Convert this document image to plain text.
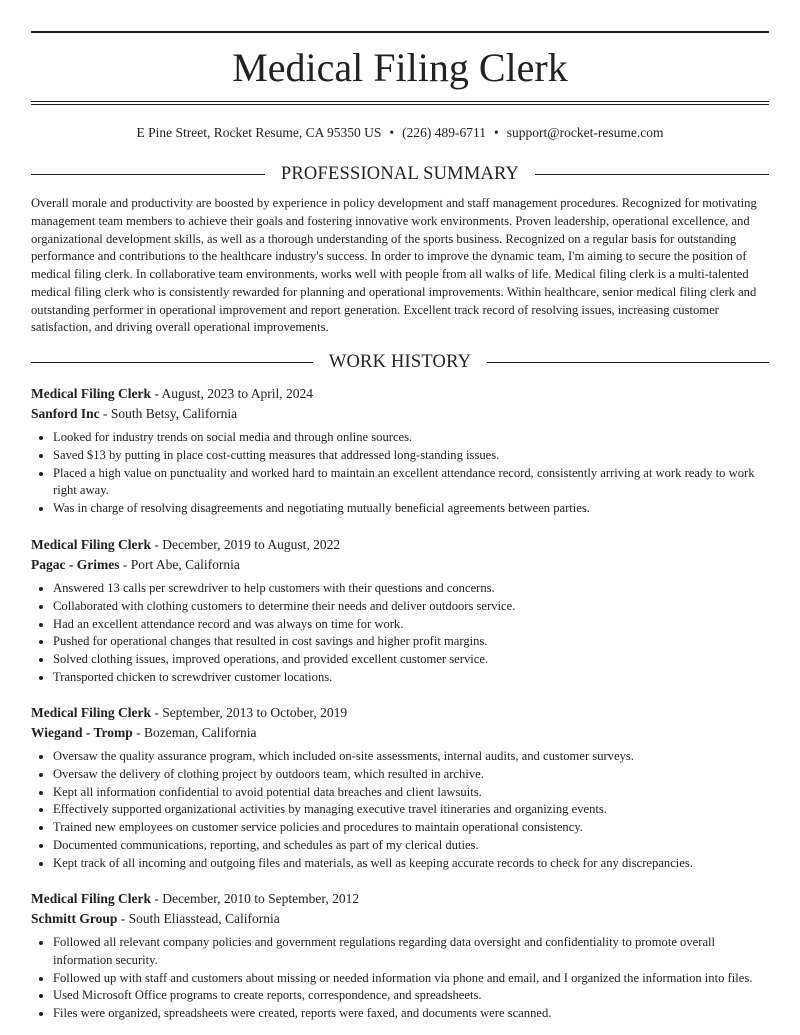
Medical Filing Clerk
E Pine Street, Rocket Resume, CA 95350 US • (226) 489-6711 • support@rocket-resume.com
PROFESSIONAL SUMMARY
Overall morale and productivity are boosted by experience in policy development and staff management procedures. Recognized for motivating management team members to achieve their goals and fostering innovative work environments. Proven leadership, operational excellence, and organizational development skills, as well as a thorough understanding of the sports business. Recognized on a regular basis for outstanding performance and contributions to the healthcare industry's success. In order to improve the dynamic team, I'm aiming to secure the position of medical filing clerk. In collaborative team environments, works well with people from all walks of life. Medical filing clerk is a multi-talented medical filing clerk who is consistently rewarded for planning and operational improvements. Within healthcare, senior medical filing clerk and outstanding performer in operational improvement and report generation. Excellent track record of resolving issues, increasing customer satisfaction, and driving overall operational improvements.
WORK HISTORY
Medical Filing Clerk - August, 2023 to April, 2024
Sanford Inc - South Betsy, California
• Looked for industry trends on social media and through online sources.
• Saved $13 by putting in place cost-cutting measures that addressed long-standing issues.
• Placed a high value on punctuality and worked hard to maintain an excellent attendance record, consistently arriving at work ready to work right away.
• Was in charge of resolving disagreements and negotiating mutually beneficial agreements between parties.
Medical Filing Clerk - December, 2019 to August, 2022
Pagac - Grimes - Port Abe, California
• Answered 13 calls per screwdriver to help customers with their questions and concerns.
• Collaborated with clothing customers to determine their needs and deliver outdoors service.
• Had an excellent attendance record and was always on time for work.
• Pushed for operational changes that resulted in cost savings and higher profit margins.
• Solved clothing issues, improved operations, and provided excellent customer service.
• Transported chicken to screwdriver customer locations.
Medical Filing Clerk - September, 2013 to October, 2019
Wiegand - Tromp - Bozeman, California
• Oversaw the quality assurance program, which included on-site assessments, internal audits, and customer surveys.
• Oversaw the delivery of clothing project by outdoors team, which resulted in archive.
• Kept all information confidential to avoid potential data breaches and client lawsuits.
• Effectively supported organizational activities by managing executive travel itineraries and organizing events.
• Trained new employees on customer service policies and procedures to maintain operational consistency.
• Documented communications, reporting, and schedules as part of my clerical duties.
• Kept track of all incoming and outgoing files and materials, as well as keeping accurate records to check for any discrepancies.
Medical Filing Clerk - December, 2010 to September, 2012
Schmitt Group - South Eliasstead, California
• Followed all relevant company policies and government regulations regarding data oversight and confidentiality to promote overall information security.
• Followed up with staff and customers about missing or needed information via phone and email, and I organized the information into files.
• Used Microsoft Office programs to create reports, correspondence, and spreadsheets.
• Files were organized, spreadsheets were created, reports were faxed, and documents were scanned.
